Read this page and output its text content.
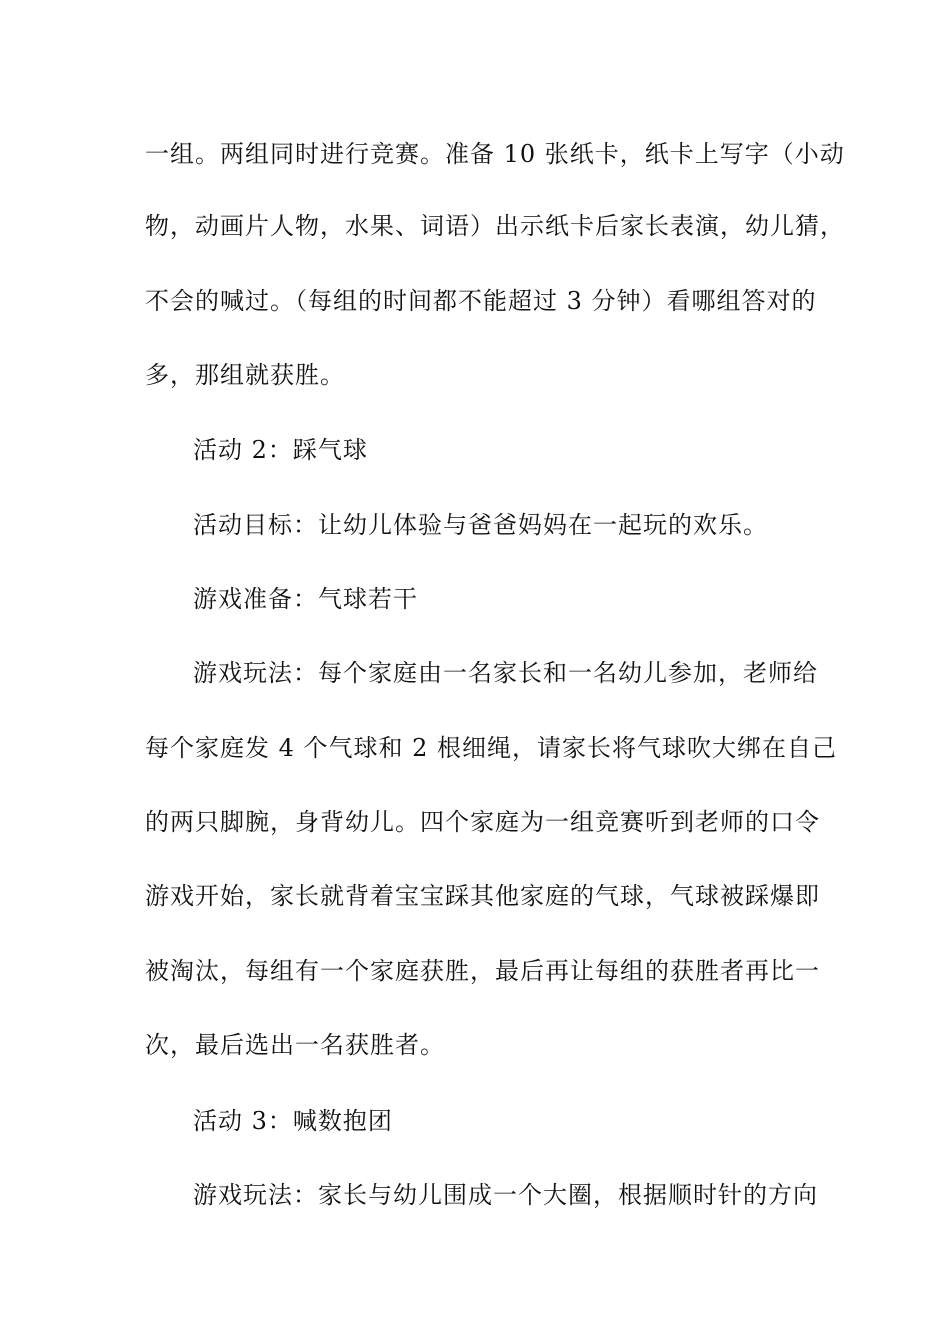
一组。两组同时进行竞赛。准备 10 张纸卡，纸卡上写字（小动
物，动画片人物，水果、词语）出示纸卡后家长表演，幼儿猜，
不会的喊过。（每组的时间都不能超过 3 分钟）看哪组答对的
多，那组就获胜。
活动 2：踩气球
活动目标：让幼儿体验与爸爸妈妈在一起玩的欢乐。
游戏准备：气球若干
游戏玩法：每个家庭由一名家长和一名幼儿参加，老师给
每个家庭发 4 个气球和 2 根细绳，请家长将气球吹大绑在自己
的两只脚腕，身背幼儿。四个家庭为一组竞赛听到老师的口令
游戏开始，家长就背着宝宝踩其他家庭的气球，气球被踩爆即
被淘汰，每组有一个家庭获胜，最后再让每组的获胜者再比一
次，最后选出一名获胜者。
活动 3：喊数抱团
游戏玩法：家长与幼儿围成一个大圈，根据顺时针的方向
